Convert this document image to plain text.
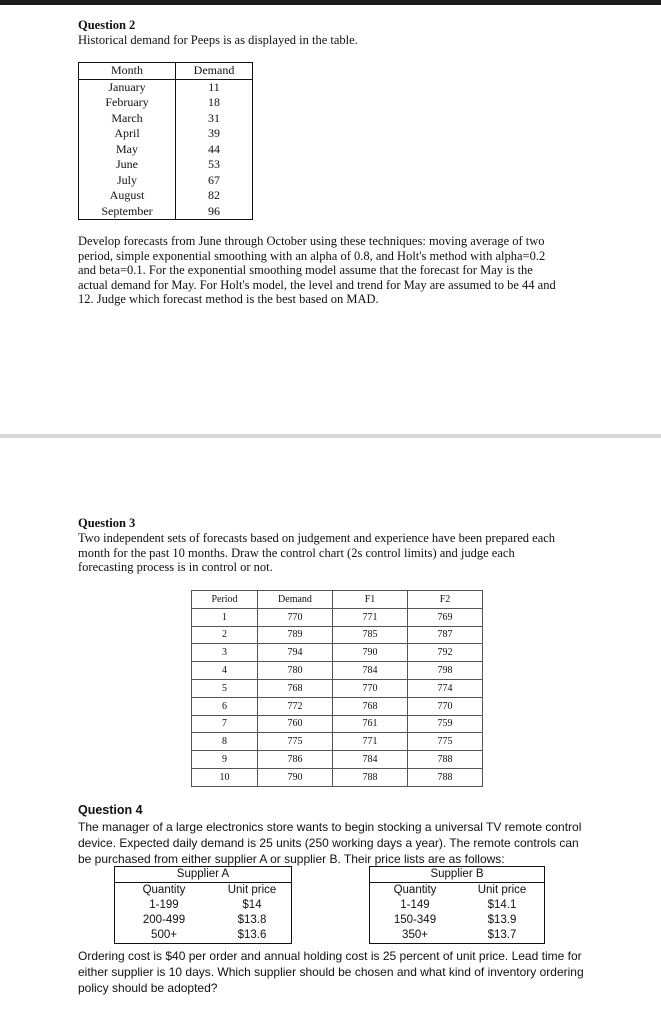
Question 2
Historical demand for Peeps is as displayed in the table.
Month	Demand
January	11
February	18
March	31
April	39
May	44
June	53
July	67
August	82
September	96
Develop forecasts from June through October using these techniques: moving average of two
period, simple exponential smoothing with an alpha of 0.8, and Holt's method with alpha=0.2
and beta=0.1. For the exponential smoothing model assume that the forecast for May is the
actual demand for May. For Holt's model, the level and trend for May are assumed to be 44 and
12. Judge which forecast method is the best based on MAD.
Question 3
Two independent sets of forecasts based on judgement and experience have been prepared each
month for the past 10 months. Draw the control chart (2s control limits) and judge each
forecasting process is in control or not.
Period	Demand	F1	F2
1	770	771	769
2	789	785	787
3	794	790	792
4	780	784	798
5	768	770	774
6	772	768	770
7	760	761	759
8	775	771	775
9	786	784	788
10	790	788	788
Question 4
The manager of a large electronics store wants to begin stocking a universal TV remote control
device. Expected daily demand is 25 units (250 working days a year). The remote controls can
be purchased from either supplier A or supplier B. Their price lists are as follows:
Supplier A	
Quantity	Unit price
1-199	$14
200-499	$13.8
500+	$13.6
Supplier B	
Quantity	Unit price
1-149	$14.1
150-349	$13.9
350+	$13.7
Ordering cost is $40 per order and annual holding cost is 25 percent of unit price. Lead time for
either supplier is 10 days. Which supplier should be chosen and what kind of inventory ordering
policy should be adopted?
